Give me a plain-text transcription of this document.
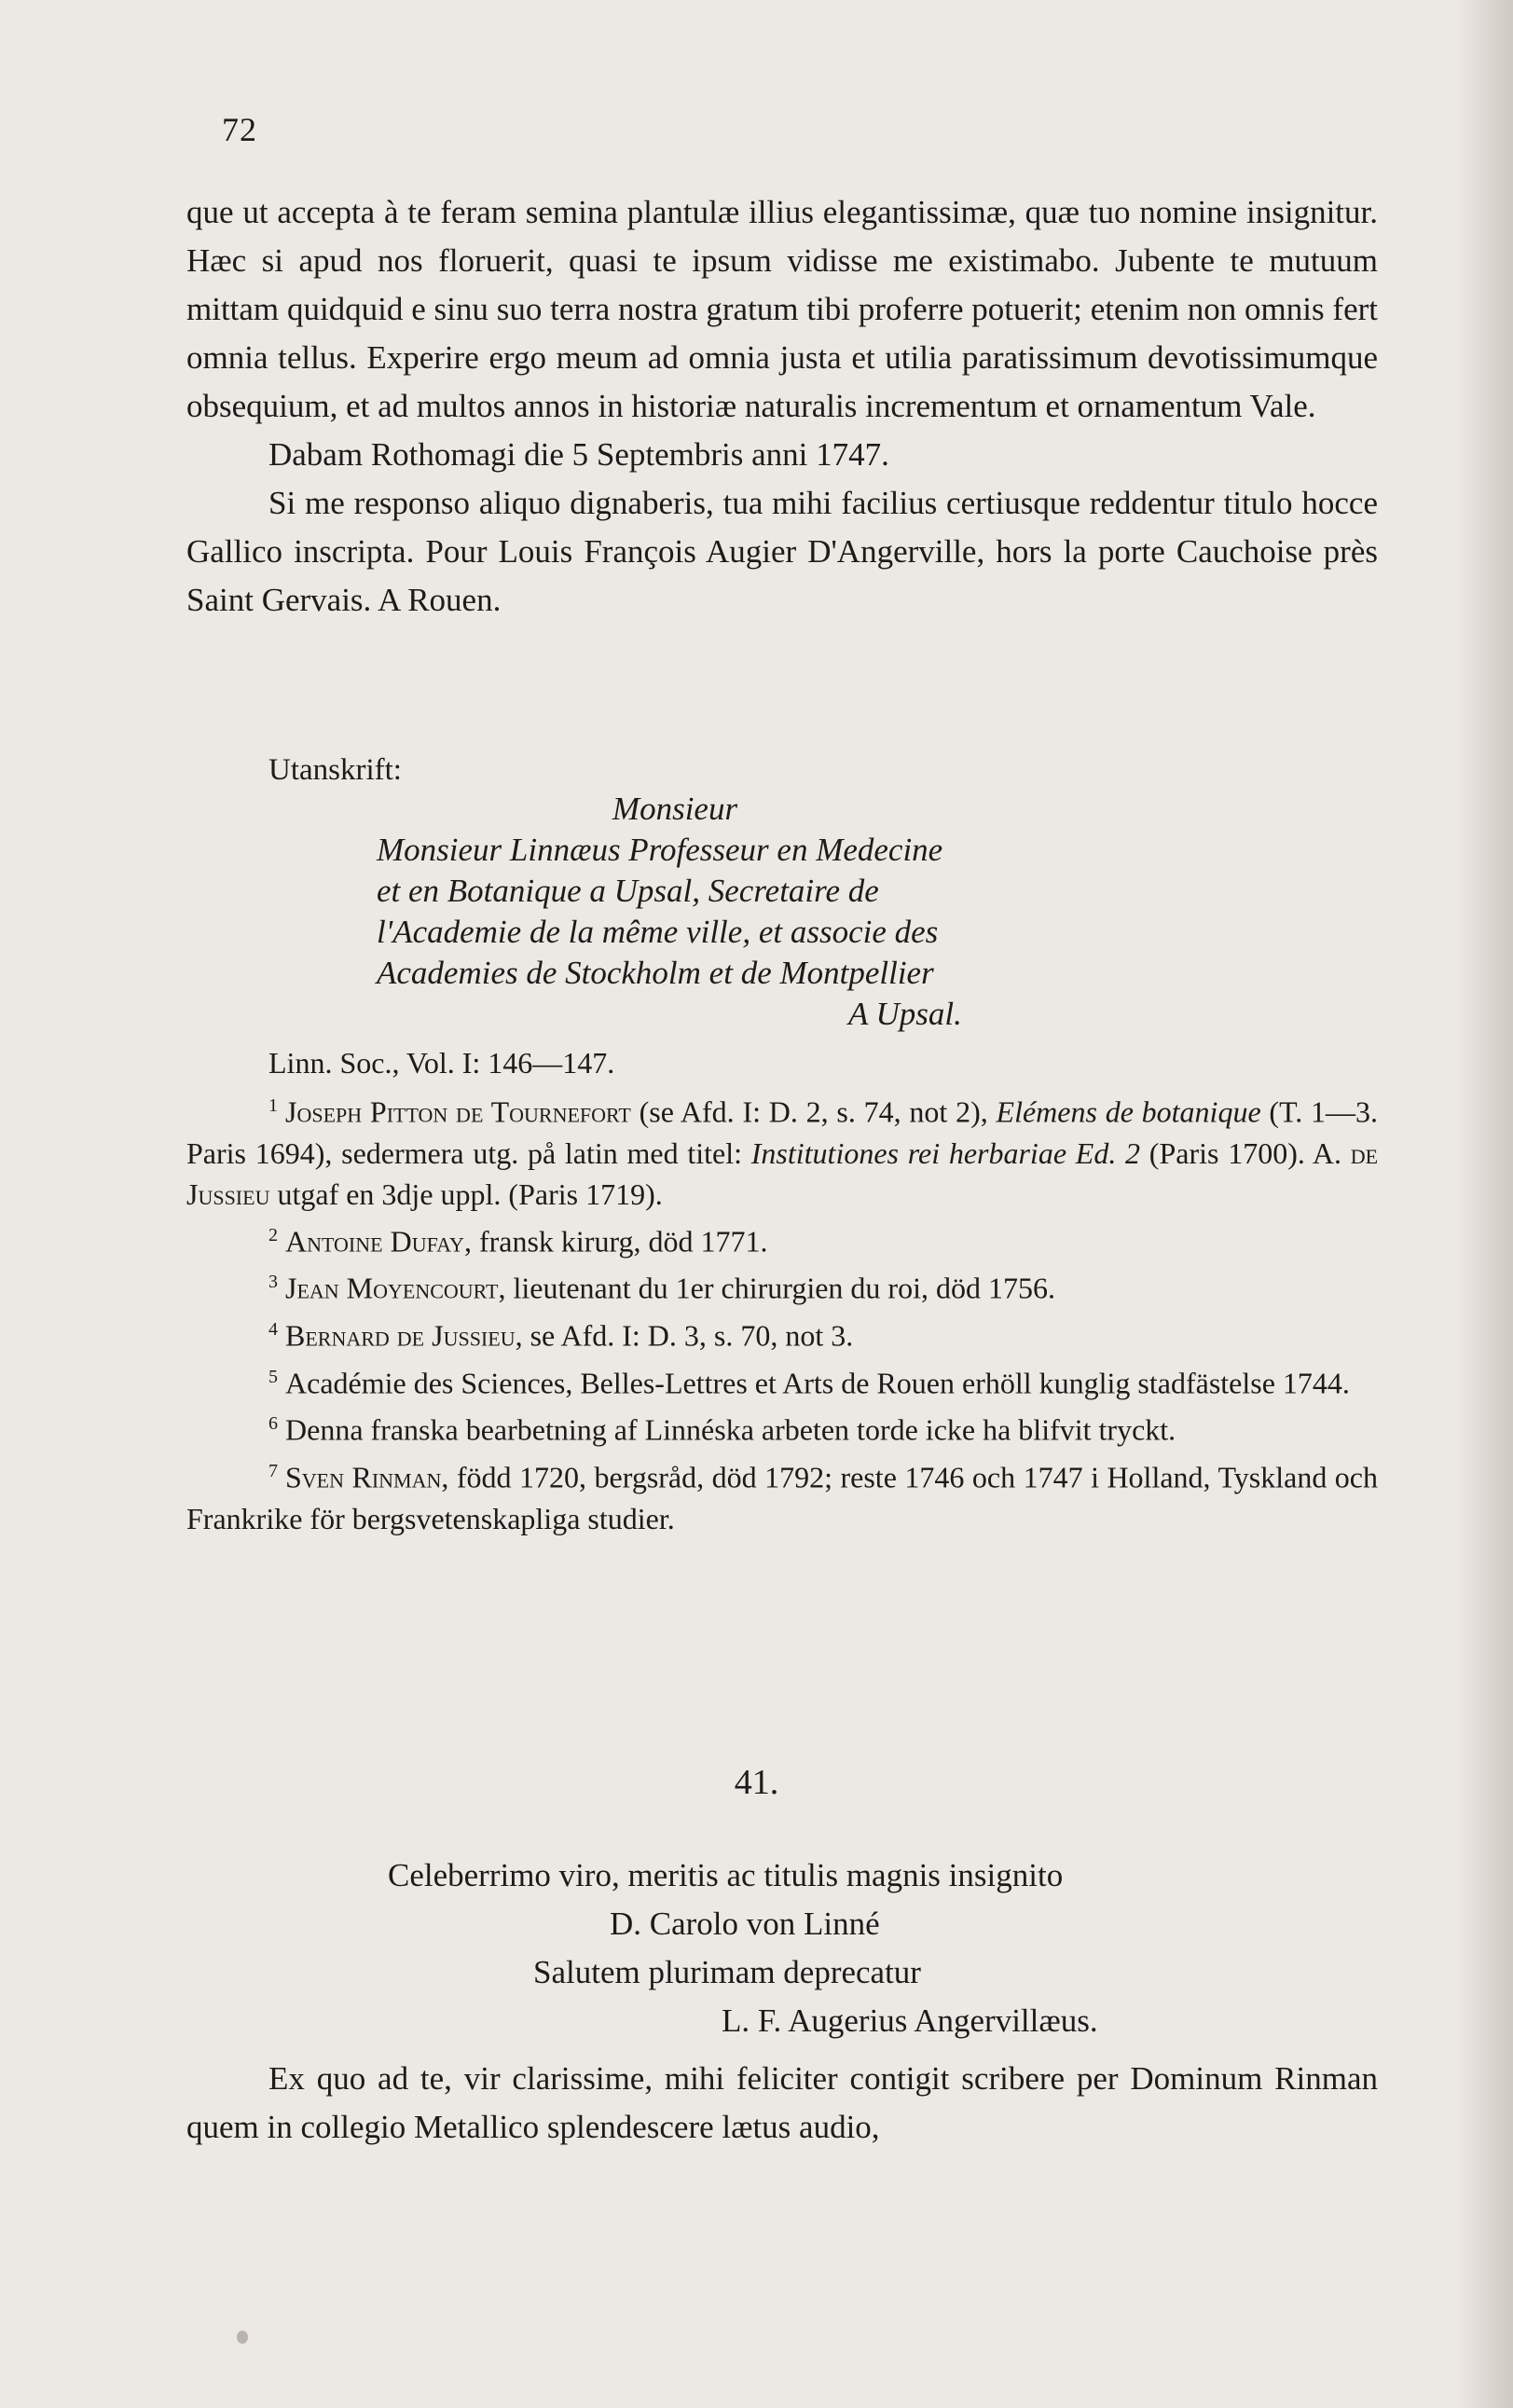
72

que ut accepta à te feram semina plantulæ illius elegantissimæ, quæ tuo nomine insignitur. Hæc si apud nos floruerit, quasi te ipsum vidisse me existimabo. Jubente te mutuum mittam quidquid e sinu suo terra nostra gratum tibi proferre potuerit; etenim non omnis fert omnia tellus. Experire ergo meum ad omnia justa et utilia paratissimum devotissimumque obsequium, et ad multos annos in historiæ naturalis incrementum et ornamentum Vale.

Dabam Rothomagi die 5 Septembris anni 1747.

Si me responso aliquo dignaberis, tua mihi facilius certiusque reddentur titulo hocce Gallico inscripta. Pour Louis François Augier D'Angerville, hors la porte Cauchoise près Saint Gervais. A Rouen.

Utanskrift:
Monsieur
Monsieur Linnæus Professeur en Medecine
et en Botanique a Upsal, Secretaire de
l'Academie de la même ville, et associe des
Academies de Stockholm et de Montpellier
A Upsal.
Linn. Soc., Vol. I: 146—147.

$^1$ Joseph Pitton de Tournefort (se Afd. I: D. 2, s. 74, not 2), Elémens de botanique (T. 1—3. Paris 1694), sedermera utg. på latin med titel: Institutiones rei herbariae Ed. 2 (Paris 1700). A. de Jussieu utgaf en 3dje uppl. (Paris 1719).

$^2$ Antoine Dufay, fransk kirurg, död 1771.

$^3$ Jean Moyencourt, lieutenant du 1er chirurgien du roi, död 1756.

$^4$ Bernard de Jussieu, se Afd. I: D. 3, s. 70, not 3.

$^5$ Académie des Sciences, Belles-Lettres et Arts de Rouen erhöll kunglig stadfästelse 1744.

$^6$ Denna franska bearbetning af Linnéska arbeten torde icke ha blifvit tryckt.

$^7$ Sven Rinman, född 1720, bergsråd, död 1792; reste 1746 och 1747 i Holland, Tyskland och Frankrike för bergsvetenskapliga studier.

41.
Celeberrimo viro, meritis ac titulis magnis insignito
D. Carolo von Linné
Salutem plurimam deprecatur
L. F. Augerius Angervillæus.

Ex quo ad te, vir clarissime, mihi feliciter contigit scribere per Dominum Rinman quem in collegio Metallico splendescere lætus audio,
